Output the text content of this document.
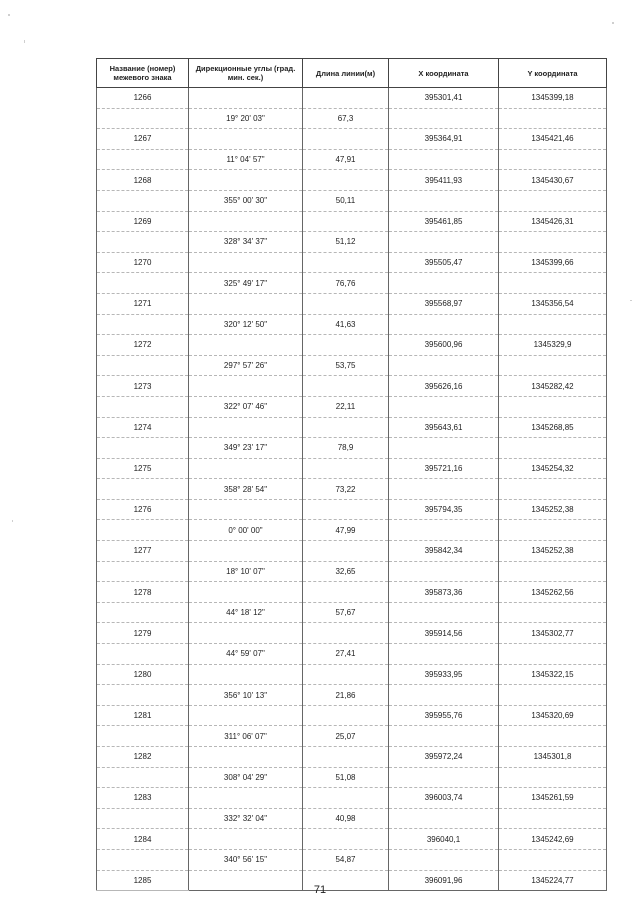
Название (номер) межевого знака	Дирекционные углы (град. мин. сек.)	Длина линии(м)	X координата	Y координата
1266			395301,41	1345399,18
	19° 20' 03"	67,3		
1267			395364,91	1345421,46
	11° 04' 57"	47,91		
1268			395411,93	1345430,67
	355° 00' 30"	50,11		
1269			395461,85	1345426,31
	328° 34' 37"	51,12		
1270			395505,47	1345399,66
	325° 49' 17"	76,76		
1271			395568,97	1345356,54
	320° 12' 50"	41,63		
1272			395600,96	1345329,9
	297° 57' 26"	53,75		
1273			395626,16	1345282,42
	322° 07' 46"	22,11		
1274			395643,61	1345268,85
	349° 23' 17"	78,9		
1275			395721,16	1345254,32
	358° 28' 54"	73,22		
1276			395794,35	1345252,38
	0° 00' 00"	47,99		
1277			395842,34	1345252,38
	18° 10' 07"	32,65		
1278			395873,36	1345262,56
	44° 18' 12"	57,67		
1279			395914,56	1345302,77
	44° 59' 07"	27,41		
1280			395933,95	1345322,15
	356° 10' 13"	21,86		
1281			395955,76	1345320,69
	311° 06' 07"	25,07		
1282			395972,24	1345301,8
	308° 04' 29"	51,08		
1283			396003,74	1345261,59
	332° 32' 04"	40,98		
1284			396040,1	1345242,69
	340° 56' 15"	54,87		
1285			396091,96	1345224,77
71
